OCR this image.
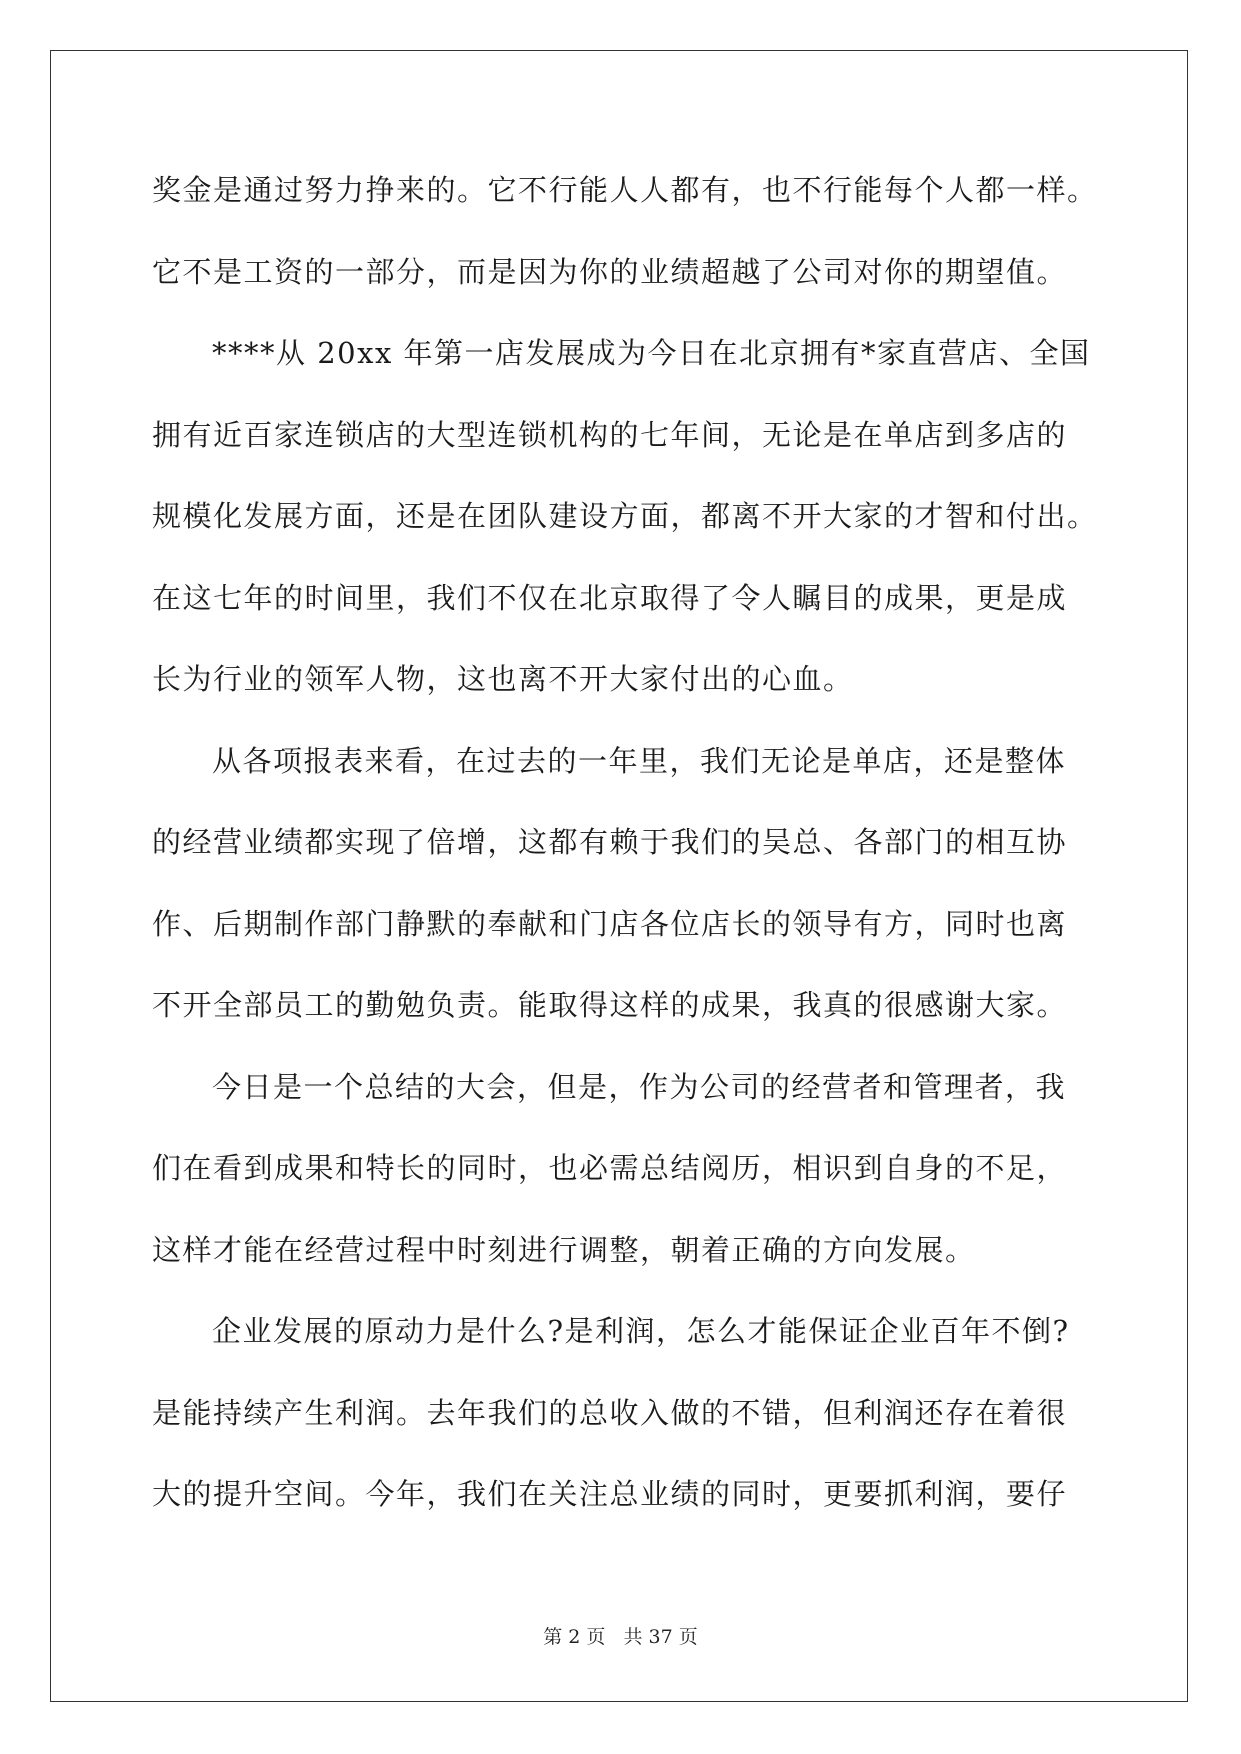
奖金是通过努力挣来的。它不行能人人都有，也不行能每个人都一样。
它不是工资的一部分，而是因为你的业绩超越了公司对你的期望值。
****从 20xx 年第一店发展成为今日在北京拥有*家直营店、全国
拥有近百家连锁店的大型连锁机构的七年间，无论是在单店到多店的
规模化发展方面，还是在团队建设方面，都离不开大家的才智和付出。
在这七年的时间里，我们不仅在北京取得了令人瞩目的成果，更是成
长为行业的领军人物，这也离不开大家付出的心血。
从各项报表来看，在过去的一年里，我们无论是单店，还是整体
的经营业绩都实现了倍增，这都有赖于我们的吴总、各部门的相互协
作、后期制作部门静默的奉献和门店各位店长的领导有方，同时也离
不开全部员工的勤勉负责。能取得这样的成果，我真的很感谢大家。
今日是一个总结的大会，但是，作为公司的经营者和管理者，我
们在看到成果和特长的同时，也必需总结阅历，相识到自身的不足，
这样才能在经营过程中时刻进行调整，朝着正确的方向发展。
企业发展的原动力是什么?是利润，怎么才能保证企业百年不倒?
是能持续产生利润。去年我们的总收入做的不错，但利润还存在着很
大的提升空间。今年，我们在关注总业绩的同时，更要抓利润，要仔
第 2 页 共 37 页
